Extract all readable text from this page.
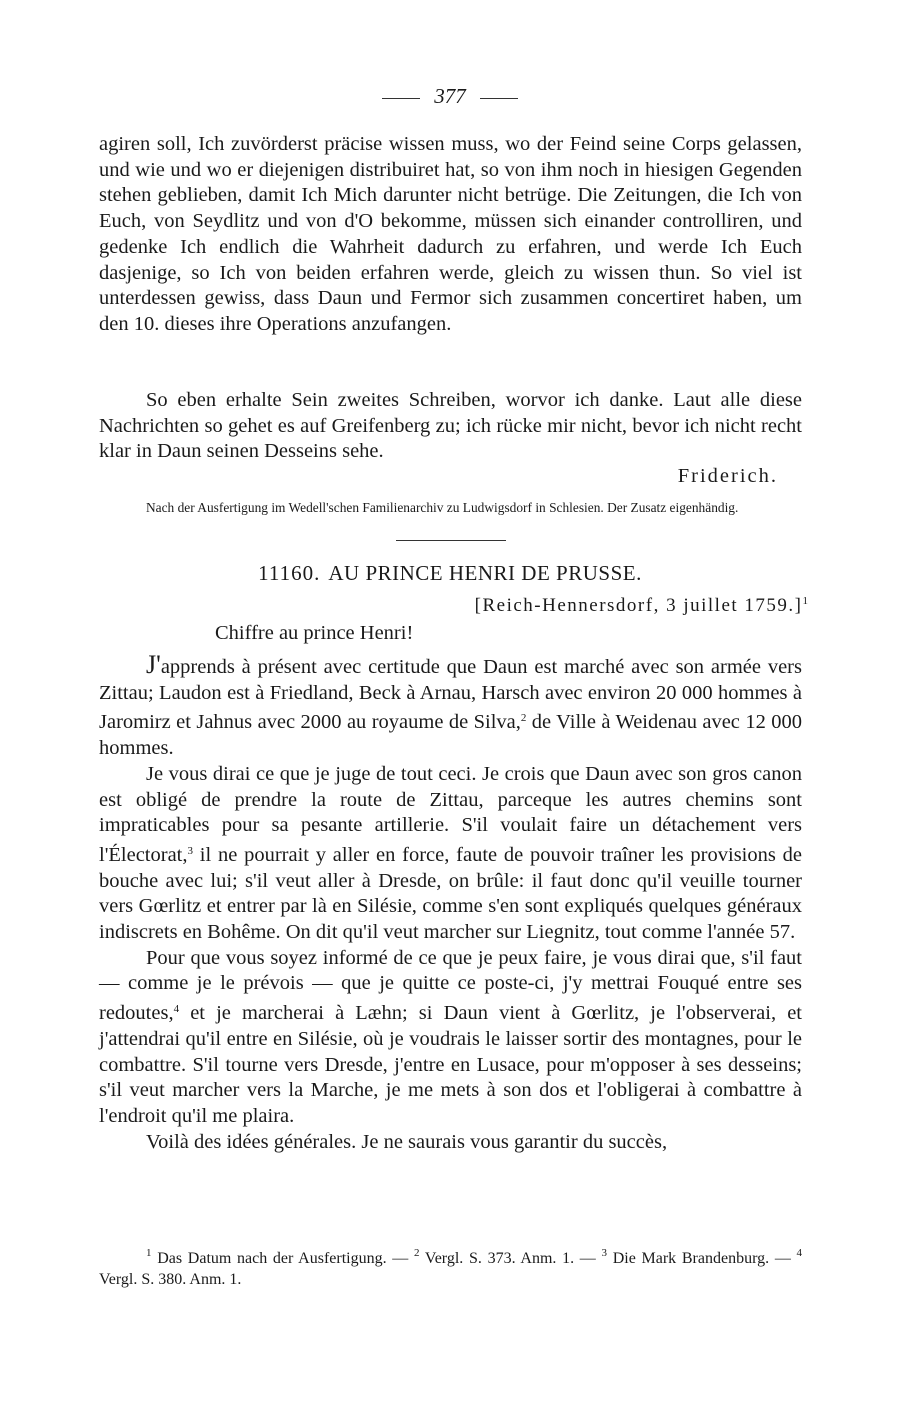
377

agiren soll, Ich zuvörderst präcise wissen muss, wo der Feind seine Corps gelassen, und wie und wo er diejenigen distribuiret hat, so von ihm noch in hiesigen Gegenden stehen geblieben, damit Ich Mich darunter nicht betrüge. Die Zeitungen, die Ich von Euch, von Seydlitz und von d'O bekomme, müssen sich einander controlliren, und gedenke Ich endlich die Wahrheit dadurch zu erfahren, und werde Ich Euch dasjenige, so Ich von beiden erfahren werde, gleich zu wissen thun. So viel ist unterdessen gewiss, dass Daun und Fermor sich zusammen concertiret haben, um den 10. dieses ihre Operations anzufangen.

So eben erhalte Sein zweites Schreiben, worvor ich danke. Laut alle diese Nachrichten so gehet es auf Greifenberg zu; ich rücke mir nicht, bevor ich nicht recht klar in Daun seinen Desseins sehe.

Friderich.
Nach der Ausfertigung im Wedell'schen Familienarchiv zu Ludwigsdorf in Schlesien. Der Zusatz eigenhändig.
11160. AU PRINCE HENRI DE PRUSSE.
[Reich-Hennersdorf, 3 juillet 1759.]$^1$
Chiffre au prince Henri!

J'apprends à présent avec certitude que Daun est marché avec son armée vers Zittau; Laudon est à Friedland, Beck à Arnau, Harsch avec environ 20 000 hommes à Jaromirz et Jahnus avec 2000 au royaume de Silva,$^2$ de Ville à Weidenau avec 12 000 hommes.

Je vous dirai ce que je juge de tout ceci. Je crois que Daun avec son gros canon est obligé de prendre la route de Zittau, parceque les autres chemins sont impraticables pour sa pesante artillerie. S'il voulait faire un détachement vers l'Électorat,$^3$ il ne pourrait y aller en force, faute de pouvoir traîner les provisions de bouche avec lui; s'il veut aller à Dresde, on brûle: il faut donc qu'il veuille tourner vers Gœrlitz et entrer par là en Silésie, comme s'en sont expliqués quelques généraux indiscrets en Bohême. On dit qu'il veut marcher sur Liegnitz, tout comme l'année 57.

Pour que vous soyez informé de ce que je peux faire, je vous dirai que, s'il faut — comme je le prévois — que je quitte ce poste-ci, j'y mettrai Fouqué entre ses redoutes,$^4$ et je marcherai à Læhn; si Daun vient à Gœrlitz, je l'observerai, et j'attendrai qu'il entre en Silésie, où je voudrais le laisser sortir des montagnes, pour le combattre. S'il tourne vers Dresde, j'entre en Lusace, pour m'opposer à ses desseins; s'il veut marcher vers la Marche, je me mets à son dos et l'obligerai à combattre à l'endroit qu'il me plaira.

Voilà des idées générales. Je ne saurais vous garantir du succès,

$^1$ Das Datum nach der Ausfertigung. — $^2$ Vergl. S. 373. Anm. 1. — $^3$ Die Mark Brandenburg. — $^4$ Vergl. S. 380. Anm. 1.
